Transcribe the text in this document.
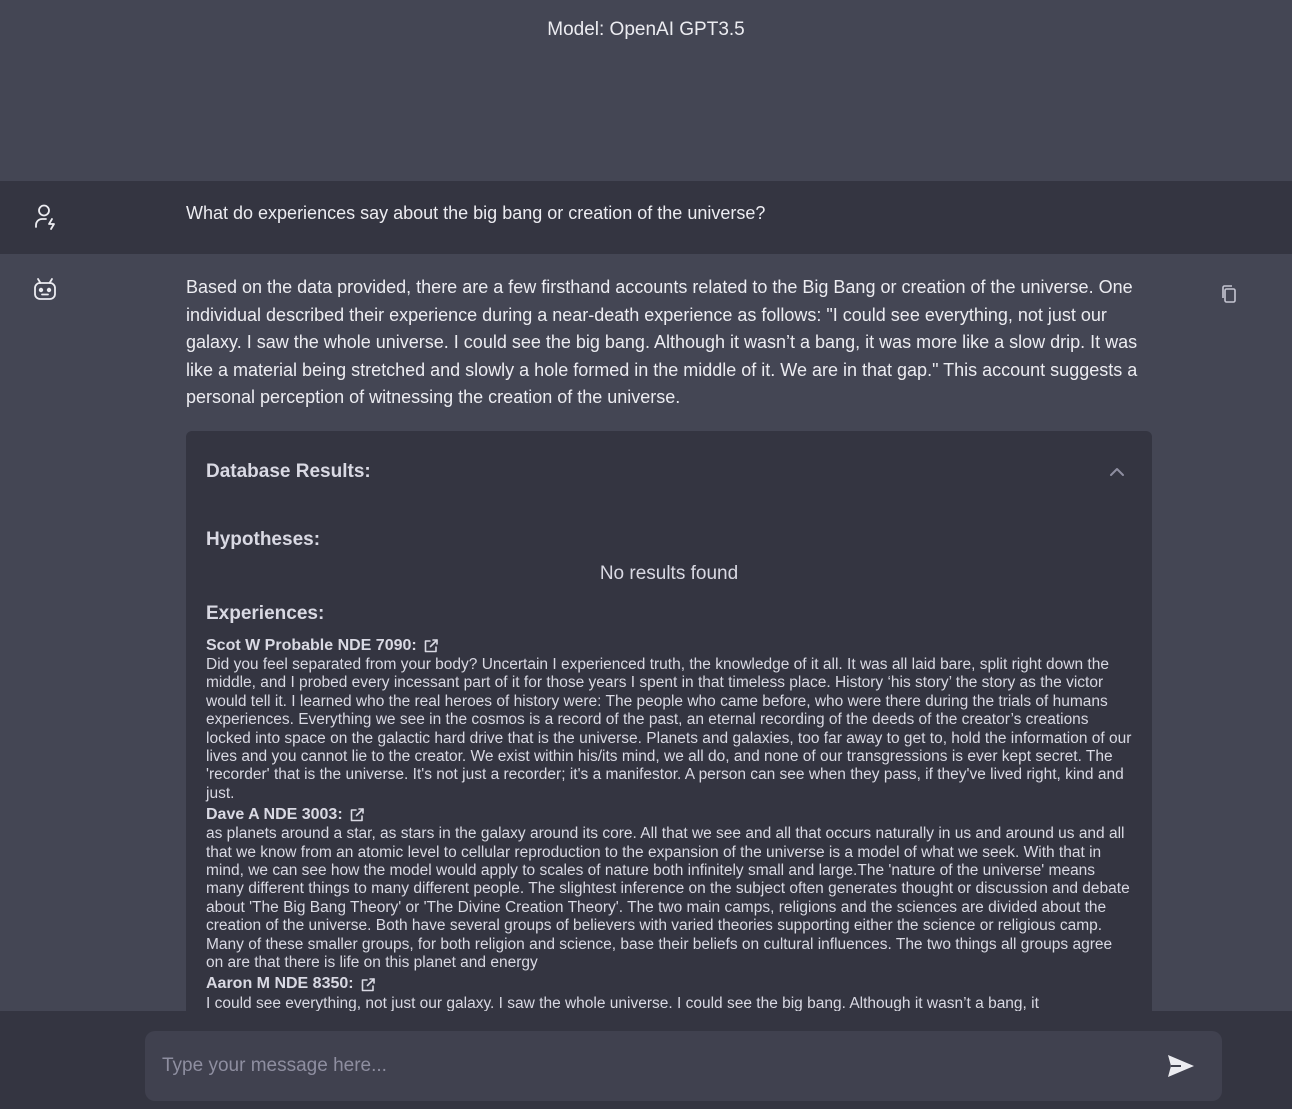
Model: OpenAI GPT3.5
What do experiences say about the big bang or creation of the universe?
Based on the data provided, there are a few firsthand accounts related to the Big Bang or creation of the universe. One individual described their experience during a near-death experience as follows: "I could see everything, not just our galaxy. I saw the whole universe. I could see the big bang. Although it wasn’t a bang, it was more like a slow drip. It was like a material being stretched and slowly a hole formed in the middle of it. We are in that gap." This account suggests a personal perception of witnessing the creation of the universe.
Database Results:
Hypotheses:
No results found
Experiences:
Scot W Probable NDE 7090:
Did you feel separated from your body? Uncertain I experienced truth, the knowledge of it all. It was all laid bare, split right down the middle, and I probed every incessant part of it for those years I spent in that timeless place. History ‘his story’ the story as the victor would tell it. I learned who the real heroes of history were: The people who came before, who were there during the trials of humans experiences. Everything we see in the cosmos is a record of the past, an eternal recording of the deeds of the creator’s creations locked into space on the galactic hard drive that is the universe. Planets and galaxies, too far away to get to, hold the information of our lives and you cannot lie to the creator. We exist within his/its mind, we all do, and none of our transgressions is ever kept secret. The 'recorder' that is the universe. It's not just a recorder; it's a manifestor. A person can see when they pass, if they've lived right, kind and just.
Dave A NDE 3003:
as planets around a star, as stars in the galaxy around its core. All that we see and all that occurs naturally in us and around us and all that we know from an atomic level to cellular reproduction to the expansion of the universe is a model of what we seek. With that in mind, we can see how the model would apply to scales of nature both infinitely small and large.The 'nature of the universe' means many different things to many different people. The slightest inference on the subject often generates thought or discussion and debate about 'The Big Bang Theory' or 'The Divine Creation Theory'. The two main camps, religions and the sciences are divided about the creation of the universe. Both have several groups of believers with varied theories supporting either the science or religious camp. Many of these smaller groups, for both religion and science, base their beliefs on cultural influences. The two things all groups agree on are that there is life on this planet and energy
Aaron M NDE 8350:
I could see everything, not just our galaxy. I saw the whole universe. I could see the big bang. Although it wasn’t a bang, it
Type your message here...
